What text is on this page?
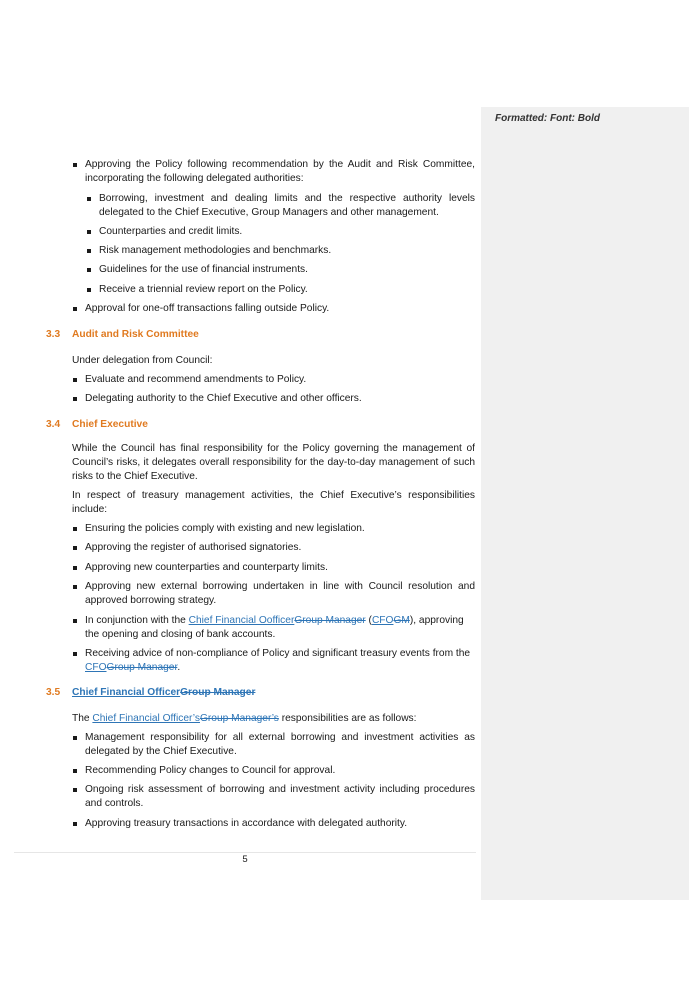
Approving the Policy following recommendation by the Audit and Risk Committee, incorporating the following delegated authorities:
Borrowing, investment and dealing limits and the respective authority levels delegated to the Chief Executive, Group Managers and other management.
Counterparties and credit limits.
Risk management methodologies and benchmarks.
Guidelines for the use of financial instruments.
Receive a triennial review report on the Policy.
Approval for one-off transactions falling outside Policy.
3.3 Audit and Risk Committee
Under delegation from Council:
Evaluate and recommend amendments to Policy.
Delegating authority to the Chief Executive and other officers.
3.4 Chief Executive
While the Council has final responsibility for the Policy governing the management of Council’s risks, it delegates overall responsibility for the day-to-day management of such risks to the Chief Executive.
In respect of treasury management activities, the Chief Executive’s responsibilities include:
Ensuring the policies comply with existing and new legislation.
Approving the register of authorised signatories.
Approving new counterparties and counterparty limits.
Approving new external borrowing undertaken in line with Council resolution and approved borrowing strategy.
In conjunction with the Chief Financial OofficerGroup Manager (CFOGM), approving
the opening and closing of bank accounts.
Receiving advice of non-compliance of Policy and significant treasury events from the
CFOGroup Manager.
3.5 Chief Financial OfficerGroup Manager
The Chief Financial Officer’sGroup Manager’s responsibilities are as follows:
Management responsibility for all external borrowing and investment activities as delegated by the Chief Executive.
Recommending Policy changes to Council for approval.
Ongoing risk assessment of borrowing and investment activity including procedures and controls.
Approving treasury transactions in accordance with delegated authority.
5
Formatted: Font: Bold
